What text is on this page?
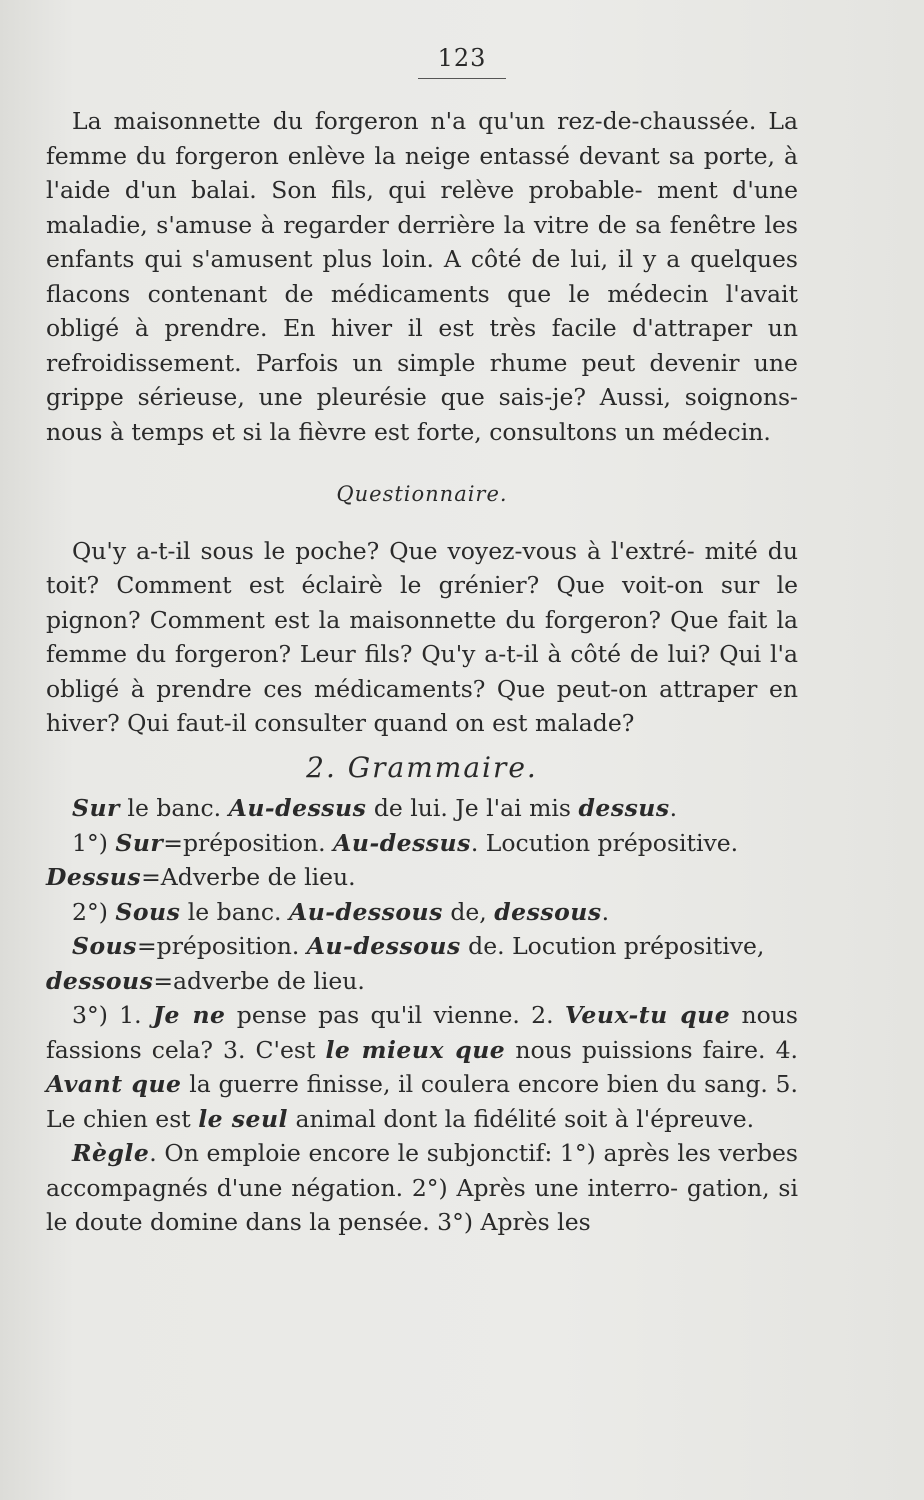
123

La maisonnette du forgeron n'a qu'un rez-de-chaussée. La femme du forgeron enlève la neige entassé devant sa porte, à l'aide d'un balai. Son fils, qui relève probable- ment d'une maladie, s'amuse à regarder derrière la vitre de sa fenêtre les enfants qui s'amusent plus loin. A côté de lui, il y a quelques flacons contenant de médicaments que le médecin l'avait obligé à prendre. En hiver il est très facile d'attraper un refroidissement. Parfois un simple rhume peut devenir une grippe sérieuse, une pleurésie que sais-je? Aussi, soignons-nous à temps et si la fièvre est forte, consultons un médecin.

Questionnaire.

Qu'y a-t-il sous le poche? Que voyez-vous à l'extré- mité du toit? Comment est éclairè le grénier? Que voit-on sur le pignon? Comment est la maisonnette du forgeron? Que fait la femme du forgeron? Leur fils? Qu'y a-t-il à côté de lui? Qui l'a obligé à prendre ces médicaments? Que peut-on attraper en hiver? Qui faut-il consulter quand on est malade?

2. Grammaire.

Sur le banc. Au-dessus de lui. Je l'ai mis dessus.

1°) Sur=préposition. Au-dessus. Locution prépositive.
Dessus=Adverbe de lieu.

2°) Sous le banc. Au-dessous de, dessous.

Sous=préposition. Au-dessous de. Locution prépositive,
dessous=adverbe de lieu.

3°) 1. Je ne pense pas qu'il vienne. 2. Veux-tu que nous fassions cela? 3. C'est le mieux que nous puissions faire. 4. Avant que la guerre finisse, il coulera encore bien du sang. 5. Le chien est le seul animal dont la fidélité soit à l'épreuve.

Règle. On emploie encore le subjonctif: 1°) après les verbes accompagnés d'une négation. 2°) Après une interro- gation, si le doute domine dans la pensée. 3°) Après les
